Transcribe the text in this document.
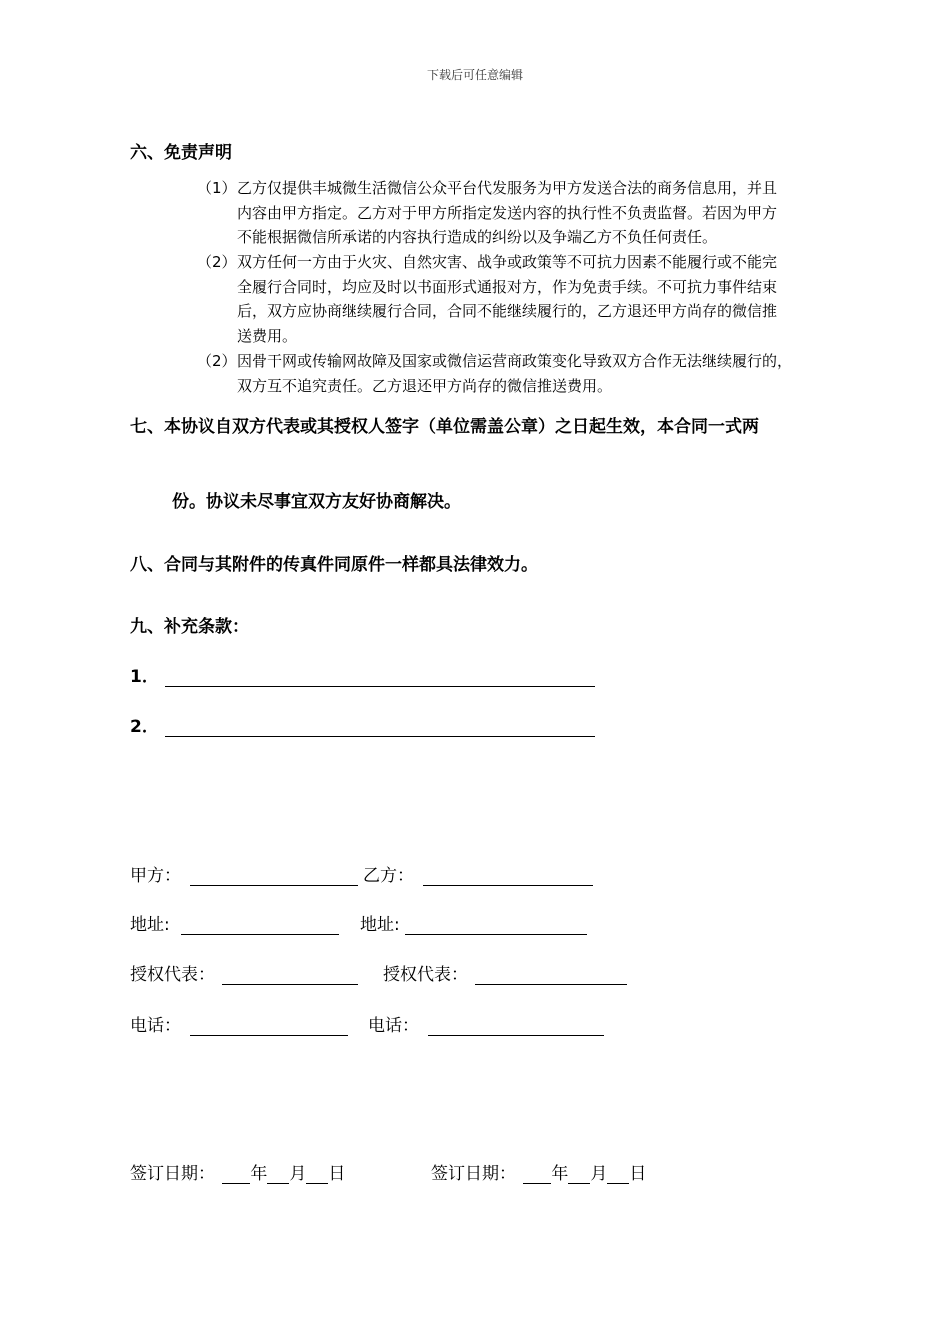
下载后可任意编辑
六、免责声明
（1） 乙方仅提供丰城微生活微信公众平台代发服务为甲方发送合法的商务信息用，并且
内容由甲方指定。乙方对于甲方所指定发送内容的执行性不负责监督。若因为甲方
不能根据微信所承诺的内容执行造成的纠纷以及争端乙方不负任何责任。
（2） 双方任何一方由于火灾、自然灾害、战争或政策等不可抗力因素不能履行或不能完
全履行合同时，均应及时以书面形式通报对方，作为免责手续。不可抗力事件结束
后，双方应协商继续履行合同，合同不能继续履行的，乙方退还甲方尚存的微信推
送费用。
（2） 因骨干网或传输网故障及国家或微信运营商政策变化导致双方合作无法继续履行的，
双方互不追究责任。乙方退还甲方尚存的微信推送费用。
七、本协议自双方代表或其授权人签字（单位需盖公章）之日起生效，本合同一式两
份。协议未尽事宜双方友好协商解决。
八、合同与其附件的传真件同原件一样都具法律效力。
九、补充条款：
1．
2．
甲方：	乙方：
地址:	地址:
授权代表：	授权代表：
电话：	电话：
签订日期： 年 月 日	签订日期： 年 月 日
